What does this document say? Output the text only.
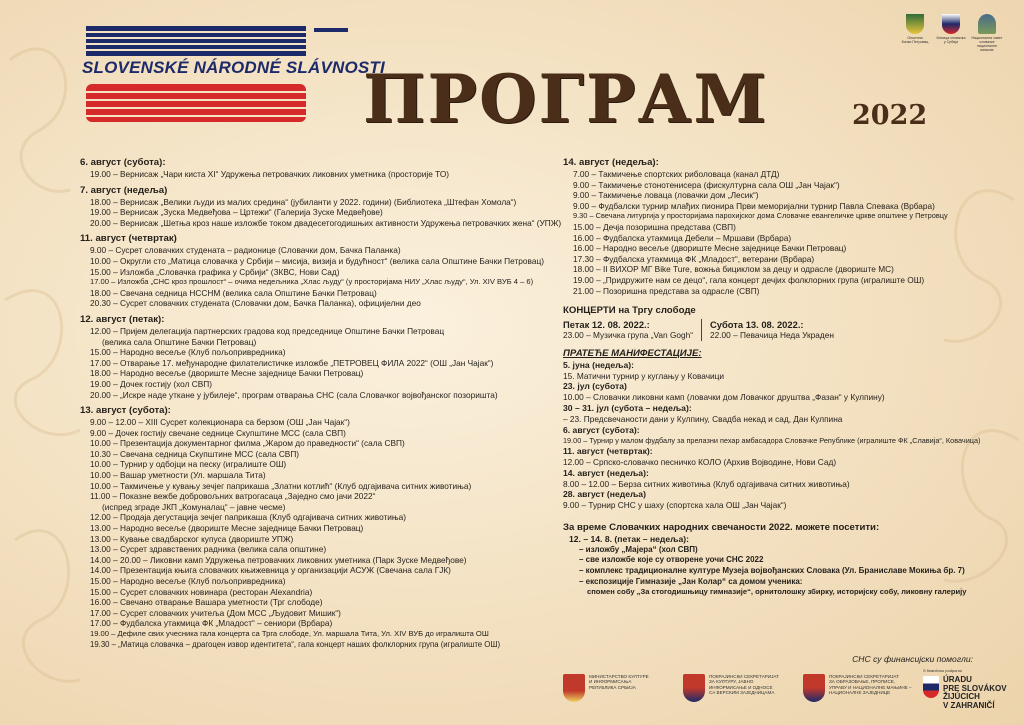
SLOVENSKÉ NÁRODNÉ SLÁVNOSTI
ПРОГРАМ	2022
Општина
Бачки Петровац
Матица словачка
у Србији
Национални савет
словачке националне мањине
6. август (субота):
19.00 – Вернисаж „Чари киста XI“ Удружења петровачких ликовних уметника (просторије ТО)
7. август (недеља)
18.00 – Вернисаж „Велики људи из малих средина“ (јубиланти у 2022. години) (Библиотека „Штефан Хомола“)
19.00 – Вернисаж „Зуска Медвеђова – Цртежи“ (Галерија Зуске Медвеђове)
20.00 – Вернисаж „Шетња кроз наше изложбе током двадесетогодишњих активности Удружења петровачких жена“ (УПЖ)
11. август (четвртак)
9.00 – Сусрет словачких студената – радионице (Словачки дом, Бачка Паланка)
10.00 – Округли сто „Матица словачка у Србији – мисија, визија и будућност“ (велика сала Општине Бачки Петровац)
15.00 – Изложба „Словачка графика у Србији“ (ЗКВС, Нови Сад)
17.00 – Изложба „СНС кроз прошлост“ – очима недељника „Хлас људу“ (у просторијама НИУ „Хлас људу“, Ул. XIV ВУБ 4 – 6)
18.00 – Свечана седница НССНМ (велика сала Општине Бачки Петровац)
20.30 – Сусрет словачких студената (Словачки дом, Бачка Паланка), официјелни део
12. август (петак):
12.00 – Пријем делегација партнерских градова код председнице Општине Бачки Петровац
(велика сала Општине Бачки Петровац)
15.00 – Народно весеље (Клуб пољопривредника)
17.00 – Отварање 17. међународне филателистичке изложбе „ПЕТРОВЕЦ ФИЛА 2022“ (ОШ „Јан Чајак“)
18.00 – Народно весеље (двориште Месне заједнице Бачки Петровац)
19.00 – Дочек гостију (хол СВП)
20.00 – „Искре наде уткане у јубилеје“, програм отварања СНС (сала Словачког војвођанског позоришта)
13. август (субота):
9.00 – 12.00 – XIII Сусрет колекционара са берзом (ОШ „Јан Чајак“)
9.00 – Дочек гостију свечане седнице Скупштине МСС (сала СВП)
10.00 – Презентација документарног филма „Жаром до праведности“ (сала СВП)
10.30 – Свечана седница Скупштине МСС (сала СВП)
10.00 – Турнир у одбојци на песку (игралиште ОШ)
10.00 – Вашар уметности (Ул. маршала Тита)
10.00 – Такмичење у кувању зечјег паприкаша „Златни котлић“ (Клуб одгајивача ситних животиња)
11.00 – Показне вежбе добровољних ватрогасаца „Заједно смо јачи 2022“
(испред зграде ЈКП „Комуналац“ – јавне чесме)
12.00 – Продаја дегустација зечјег паприкаша (Клуб одгајивача ситних животиња)
13.00 – Народно весеље (двориште Месне заједнице Бачки Петровац)
13.00 – Кување свадбарског купуса (двориште УПЖ)
13.00 – Сусрет здравствених радника (велика сала општине)
14.00 – 20.00 – Ликовни камп Удружења петровачких ликовних уметника (Парк Зуске Медвеђове)
14.00 – Презентација књига словачких књижевница у организацији АСУЖ (Свечана сала ГЈК)
15.00 – Народно весеље (Клуб пољопривредника)
15.00 – Сусрет словачких новинара (ресторан Alexandria)
16.00 – Свечано отварање Вашара уметности (Трг слободе)
17.00 – Сусрет словачких учитеља (Дом МСС „Људовит Мишик“)
17.00 – Фудбалска утакмица ФК „Младост“ – сениори (Врбара)
19.00 – Дефиле свих учесника гала концерта са Трга слободе, Ул. маршала Тита, Ул. XIV ВУБ до игралишта ОШ
19.30 – „Матица словачка – драгоцен извор идентитета“, гала концерт наших фолклорних група (игралиште ОШ)
14. август (недеља):
7.00 – Такмичење спортских риболоваца (канал ДТД)
9.00 – Такмичење стонотенисера (фискултурна сала ОШ „Јан Чајак“)
9.00 – Такмичење ловаца (ловачки дом „Лесик“)
9.00 – Фудбалски турнир млађих пионира Први меморијални турнир Павла Спевака (Врбара)
9.30 – Свечана литургија у просторијама парохијског дома Словачке евангеличке цркве општине у Петровцу
15.00 – Дечја позоришна представа (СВП)
16.00 – Фудбалска утакмица Дебели – Мршави (Врбара)
16.00 – Народно весеље (двориште Месне заједнице Бачки Петровац)
17.30 – Фудбалска утакмица ФК „Младост“, ветерани (Врбара)
18.00 – II ВИХОР МГ Bike Ture, вожња бициклом за децу и одрасле (двориште МС)
19.00 – „Придружите нам се децо“, гала концерт дечјих фолклорних група (игралиште ОШ)
21.00 – Позоришна представа за одрасле (СВП)
КОНЦЕРТИ на Тргу слободе
Петак 12. 08. 2022.:
23.00 – Музичка група „Van Gogh“
Субота 13. 08. 2022.:
22.00 – Певачица Неда Украден
ПРАТЕЋЕ МАНИФЕСТАЦИЈЕ:
5. јуна (недеља):
15. Матични турнир у куглању у Ковачици
23. јул (субота)
10.00 – Словачки ликовни камп (ловачки дом Ловачког друштва „Фазан“ у Кулпину)
30 – 31. јул (субота – недеља):
– 23. Предсвечаности дани у Кулпину, Свадба некад и сад, Дан Кулпина
6. август (субота):
19.00 – Турнир у малом фудбалу за прелазни пехар амбасадора Словачке Републике (игралиште ФК „Славија“, Ковачица)
11. август (четвртак):
12.00 – Српско-словачко песничко КОЛО (Архив Војводине, Нови Сад)
14. август (недеља):
8.00 – 12.00 – Берза ситних животиња (Клуб одгајивача ситних животиња)
28. август (недеља)
9.00 – Турнир СНС у шаху (спортска хала ОШ „Јан Чајак“)
За време Словачких народних свечаности 2022. можете посетити:
12. – 14. 8. (петак – недеља):
– изложбу „Мајера“ (хол СВП)
– све изложбе које су отворене уочи СНС 2022
– комплекс традиционалне културе Музеја војвођанских Словака (Ул. Браниславе Мокиња бр. 7)
– експозиције Гимназије „Јан Колар“ са домом ученика:
спомен собу „За стогодишњицу гимназије“, орнитолошку збирку, историјску собу, ликовну галерију
СНС су финансијски помогли:
МИНИСТАРСТВО КУЛТУРЕ
И ИНФОРМИСАЊА
РЕПУБЛИКА СРБИЈА
ПОКРАЈИНСКИ СЕКРЕТАРИЈАТ
ЗА КУЛТУРУ, ЈАВНО
ИНФОРМИСАЊЕ И ОДНОСЕ
СА ВЕРСКИМ ЗАЈЕДНИЦАМА
ПОКРАЈИНСКИ СЕКРЕТАРИЈАТ
ЗА ОБРАЗОВАЊЕ, ПРОПИСЕ,
УПРАВУ И НАЦИОНАЛНЕ МАЊИНЕ –
НАЦИОНАЛНЕ ЗАЈЕДНИЦЕ
S finančnou podporou
ÚRADU
PRE SLOVÁKOV
ŽIJÚCICH
V ZAHRANIČÍ
